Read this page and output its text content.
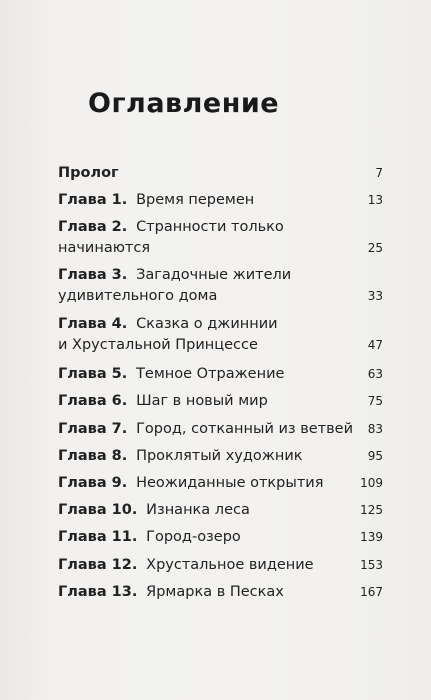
Оглавление
Пролог	7
Глава 1. Время перемен	13
Глава 2. Странности только
начинаются	25
Глава 3. Загадочные жители
удивительного дома	33
Глава 4. Сказка о джиннии
и Хрустальной Принцессе	47
Глава 5. Темное Отражение	63
Глава 6. Шаг в новый мир	75
Глава 7. Город, сотканный из ветвей 83
Глава 8. Проклятый художник	95
Глава 9. Неожиданные открытия	109
Глава 10. Изнанка леса	125
Глава 11. Город-озеро	139
Глава 12. Хрустальное видение	153
Глава 13. Ярмарка в Песках	167
